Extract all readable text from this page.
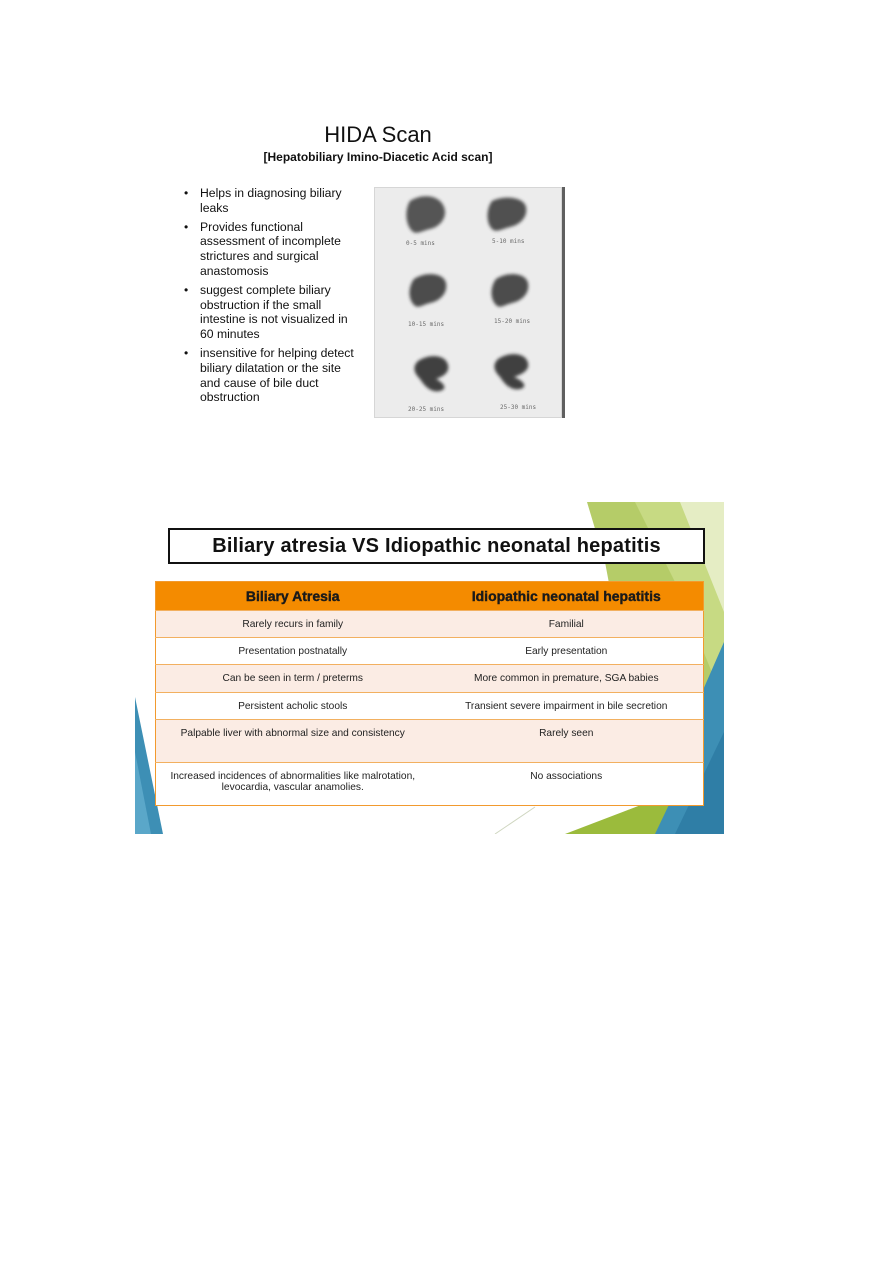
HIDA Scan
[Hepatobiliary Imino-Diacetic Acid scan]
• Helps in diagnosing biliary leaks
• Provides functional assessment of incomplete strictures and surgical anastomosis
• suggest complete biliary obstruction if the small intestine is not visualized in 60 minutes
• insensitive for helping detect biliary dilatation or the site and cause of bile duct obstruction
0-5 mins	5-10 mins
10-15 mins	15-20 mins
20-25 mins	25-30 mins
Biliary atresia VS Idiopathic neonatal hepatitis
Biliary Atresia	Idiopathic neonatal hepatitis
Rarely recurs in family	Familial
Presentation postnatally	Early presentation
Can be seen in term / preterms	More common in premature, SGA babies
Persistent acholic stools	Transient severe impairment in bile secretion
Palpable liver with abnormal size and consistency	Rarely seen
Increased incidences of abnormalities like malrotation, levocardia, vascular anamolies.	No associations
